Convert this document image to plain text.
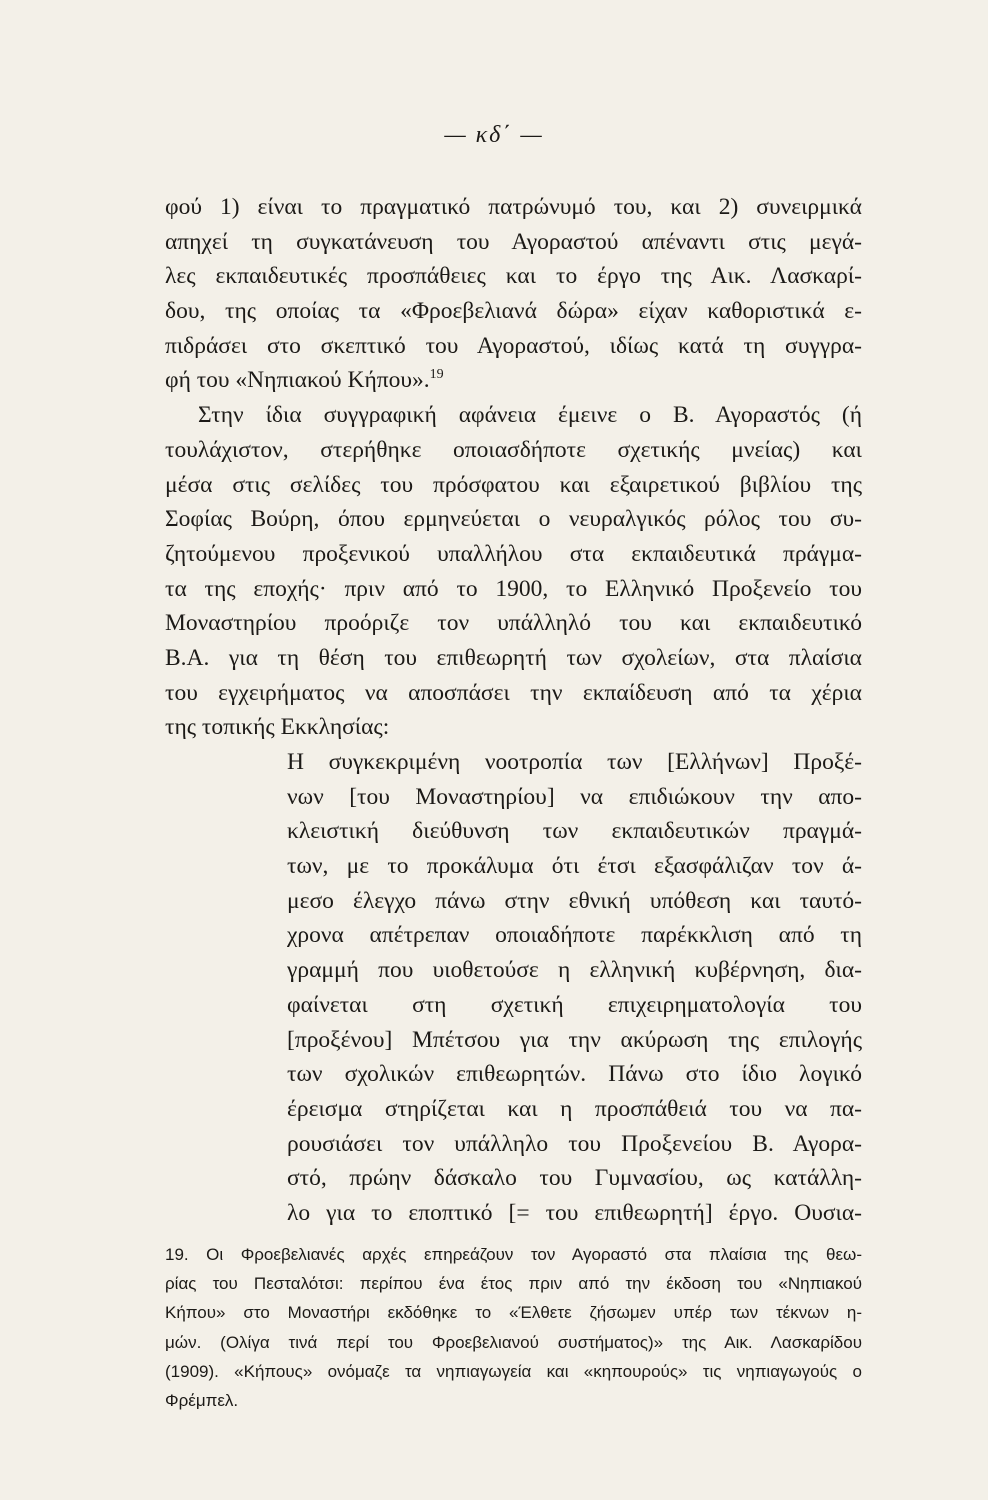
— κδ΄ —
φού 1) είναι το πραγματικό πατρώνυμό του, και 2) συνειρμικά
απηχεί τη συγκατάνευση του Αγοραστού απέναντι στις μεγά-
λες εκπαιδευτικές προσπάθειες και το έργο της Αικ. Λασκαρί-
δου, της οποίας τα «Φροεβελιανά δώρα» είχαν καθοριστικά ε-
πιδράσει στο σκεπτικό του Αγοραστού, ιδίως κατά τη συγγρα-
φή του «Νηπιακού Κήπου».$^{19}$
Στην ίδια συγγραφική αφάνεια έμεινε ο Β. Αγοραστός (ή
τουλάχιστον, στερήθηκε οποιασδήποτε σχετικής μνείας) και
μέσα στις σελίδες του πρόσφατου και εξαιρετικού βιβλίου της
Σοφίας Βούρη, όπου ερμηνεύεται ο νευραλγικός ρόλος του συ-
ζητούμενου προξενικού υπαλλήλου στα εκπαιδευτικά πράγμα-
τα της εποχής· πριν από το 1900, το Ελληνικό Προξενείο του
Μοναστηρίου προόριζε τον υπάλληλό του και εκπαιδευτικό
Β.Α. για τη θέση του επιθεωρητή των σχολείων, στα πλαίσια
του εγχειρήματος να αποσπάσει την εκπαίδευση από τα χέρια
της τοπικής Εκκλησίας:
Η συγκεκριμένη νοοτροπία των [Ελλήνων] Προξέ-
νων [του Μοναστηρίου] να επιδιώκουν την απο-
κλειστική διεύθυνση των εκπαιδευτικών πραγμά-
των, με το προκάλυμα ότι έτσι εξασφάλιζαν τον ά-
μεσο έλεγχο πάνω στην εθνική υπόθεση και ταυτό-
χρονα απέτρεπαν οποιαδήποτε παρέκκλιση από τη
γραμμή που υιοθετούσε η ελληνική κυβέρνηση, δια-
φαίνεται στη σχετική επιχειρηματολογία του
[προξένου] Μπέτσου για την ακύρωση της επιλογής
των σχολικών επιθεωρητών. Πάνω στο ίδιο λογικό
έρεισμα στηρίζεται και η προσπάθειά του να πα-
ρουσιάσει τον υπάλληλο του Προξενείου Β. Αγορα-
στό, πρώην δάσκαλο του Γυμνασίου, ως κατάλλη-
λο για το εποπτικό [= του επιθεωρητή] έργο. Ουσια-
19. Οι Φροεβελιανές αρχές επηρεάζουν τον Αγοραστό στα πλαίσια της θεω-
ρίας του Πεσταλότσι: περίπου ένα έτος πριν από την έκδοση του «Νηπιακού
Κήπου» στο Μοναστήρι εκδόθηκε το «Έλθετε ζήσωμεν υπέρ των τέκνων η-
μών. (Ολίγα τινά περί του Φροεβελιανού συστήματος)» της Αικ. Λασκαρίδου
(1909). «Κήπους» ονόμαζε τα νηπιαγωγεία και «κηπουρούς» τις νηπιαγωγούς ο
Φρέμπελ.
